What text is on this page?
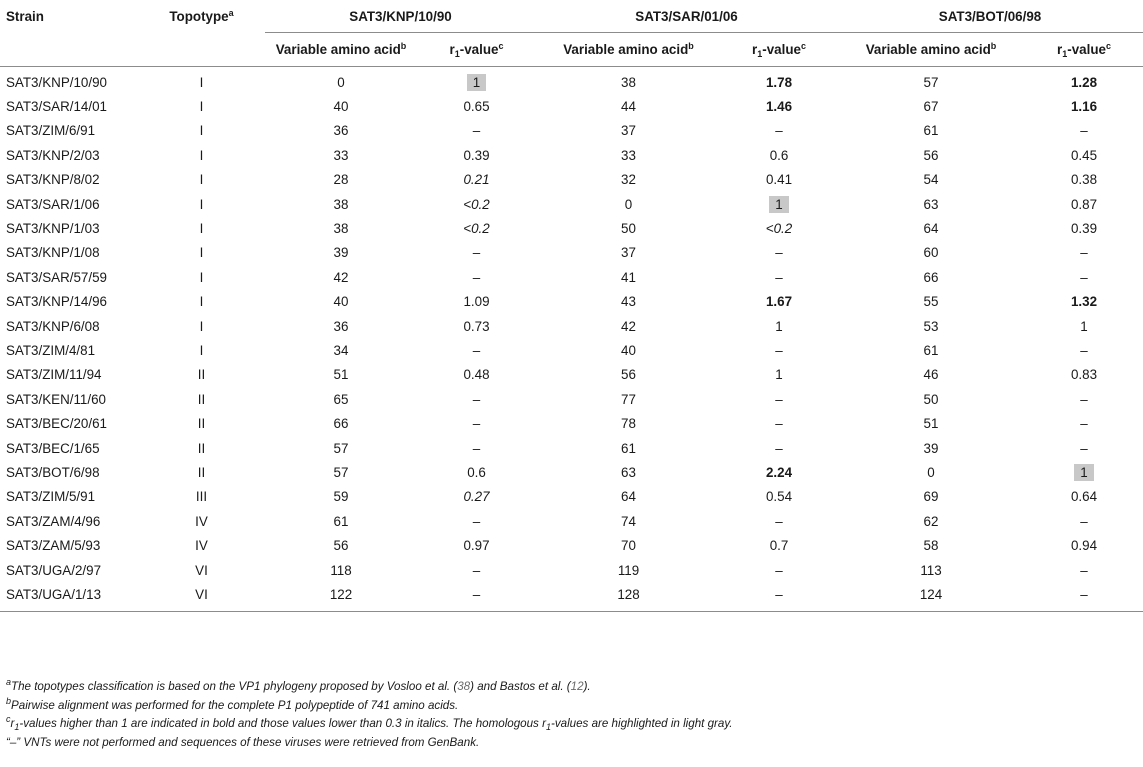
Strain	Topotype$^a$	SAT3/KNP/10/90		SAT3/SAR/01/06		SAT3/BOT/06/98	
		Variable amino acid$^b$	$r_1-value^c$	Variable amino acid$^b$	$r_1-value^c$	Variable amino acid$^b$	$r_1-value^c$
SAT3/KNP/10/90	I	0	1	38	1.78	57	1.28
SAT3/SAR/14/01	I	40	0.65	44	1.46	67	1.16
SAT3/ZIM/6/91	I	36	–	37	–	61	–
SAT3/KNP/2/03	I	33	0.39	33	0.6	56	0.45
SAT3/KNP/8/02	I	28	0.21	32	0.41	54	0.38
SAT3/SAR/1/06	I	38	<0.2	0	1	63	0.87
SAT3/KNP/1/03	I	38	<0.2	50	<0.2	64	0.39
SAT3/KNP/1/08	I	39	–	37	–	60	–
SAT3/SAR/57/59	I	42	–	41	–	66	–
SAT3/KNP/14/96	I	40	1.09	43	1.67	55	1.32
SAT3/KNP/6/08	I	36	0.73	42	1	53	1
SAT3/ZIM/4/81	I	34	–	40	–	61	–
SAT3/ZIM/11/94	II	51	0.48	56	1	46	0.83
SAT3/KEN/11/60	II	65	–	77	–	50	–
SAT3/BEC/20/61	II	66	–	78	–	51	–
SAT3/BEC/1/65	II	57	–	61	–	39	–
SAT3/BOT/6/98	II	57	0.6	63	2.24	0	1
SAT3/ZIM/5/91	III	59	0.27	64	0.54	69	0.64
SAT3/ZAM/4/96	IV	61	–	74	–	62	–
SAT3/ZAM/5/93	IV	56	0.97	70	0.7	58	0.94
SAT3/UGA/2/97	VI	118	–	119	–	113	–
SAT3/UGA/1/13	VI	122	–	128	–	124	–
$^a$The topotypes classification is based on the VP1 phylogeny proposed by Vosloo et al. (38) and Bastos et al. (12).
$^b$Pairwise alignment was performed for the complete P1 polypeptide of 741 amino acids.
$^cr_1$-values higher than 1 are indicated in bold and those values lower than 0.3 in italics. The homologous $r_1$-values are highlighted in light gray.
“–” VNTs were not performed and sequences of these viruses were retrieved from GenBank.
